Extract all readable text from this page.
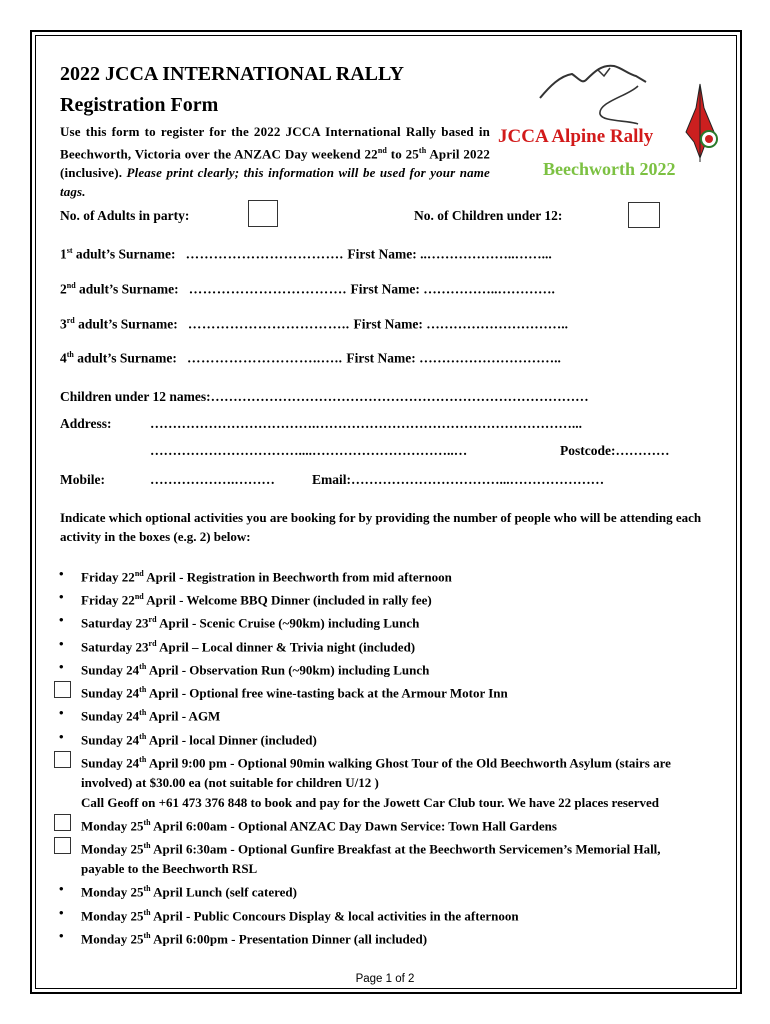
2022 JCCA INTERNATIONAL RALLY
Registration Form
Use this form to register for the 2022 JCCA International Rally based in Beechworth, Victoria over the ANZAC Day weekend 22nd to 25th April 2022 (inclusive). Please print clearly; this information will be used for your name tags.
JCCA Alpine Rally
Beechworth 2022
No. of Adults in party:	No. of Children under 12:
1st adult’s Surname: ……………………………. First Name: ..………………..……...
2nd adult’s Surname: ……………………………. First Name: ……………..………….
3rd adult’s Surname: …………………………….. First Name: …………………………..
4th adult’s Surname: ………………………..….. First Name: …………………………..
Children under 12 names:…………………………………………………………………………
Address:	……………………………….…………………………………………………...
……………………………....…………………………..…	Postcode:…………
Mobile:	……………….………	Email:……………………………...…………………
Indicate which optional activities you are booking for by providing the number of people who will be attending each activity in the boxes (e.g. 2) below:
• Friday 22nd April - Registration in Beechworth from mid afternoon
• Friday 22nd April - Welcome BBQ Dinner (included in rally fee)
• Saturday 23rd April - Scenic Cruise (~90km) including Lunch
• Saturday 23rd April – Local dinner & Trivia night (included)
• Sunday 24th April - Observation Run (~90km) including Lunch
Sunday 24th April - Optional free wine-tasting back at the Armour Motor Inn
• Sunday 24th April - AGM
• Sunday 24th April - local Dinner (included)
Sunday 24th April 9:00 pm - Optional 90min walking Ghost Tour of the Old Beechworth Asylum (stairs are involved) at $30.00 ea (not suitable for children U/12 )
Call Geoff on +61 473 376 848 to book and pay for the Jowett Car Club tour. We have 22 places reserved
Monday 25th April 6:00am - Optional ANZAC Day Dawn Service: Town Hall Gardens
Monday 25th April 6:30am - Optional Gunfire Breakfast at the Beechworth Servicemen’s Memorial Hall, payable to the Beechworth RSL
• Monday 25th April Lunch (self catered)
• Monday 25th April - Public Concours Display & local activities in the afternoon
• Monday 25th April 6:00pm - Presentation Dinner (all included)
Page 1 of 2
